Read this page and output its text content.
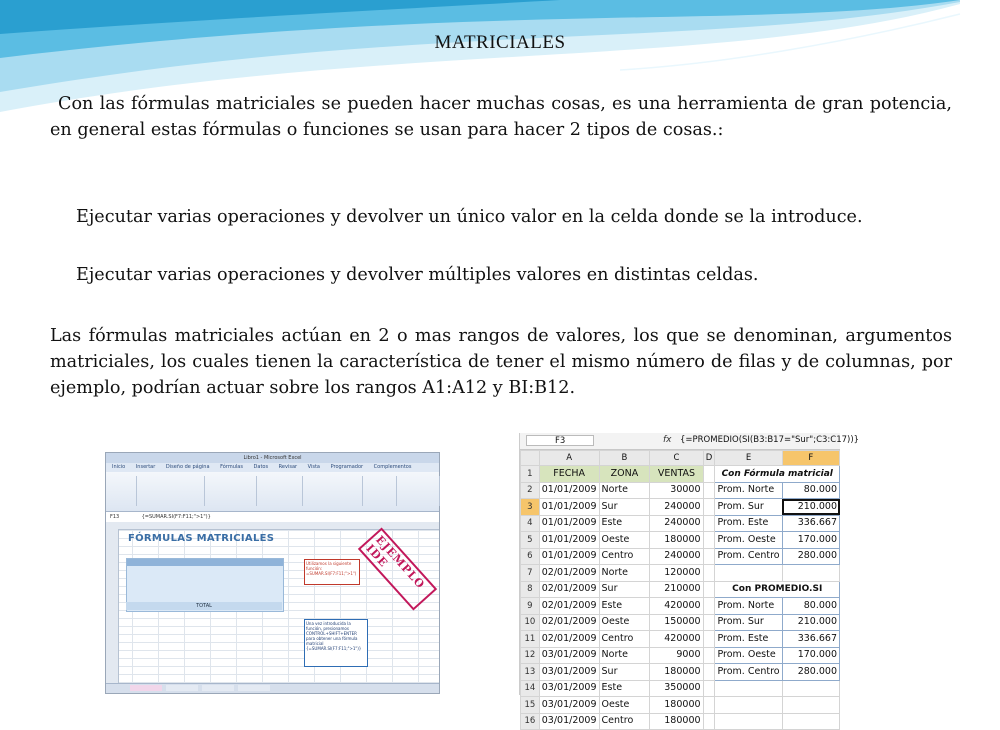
MATRICIALES
Con las fórmulas matriciales se pueden hacer muchas cosas, es una herramienta de gran potencia, en general estas fórmulas o funciones se usan para hacer 2 tipos de cosas.:
Ejecutar varias operaciones y devolver un único valor en la celda donde se la introduce.
Ejecutar varias operaciones y devolver múltiples valores en distintas celdas.
Las fórmulas matriciales actúan en 2 o mas rangos de valores, los que se denominan, argumentos matriciales, los cuales tienen la característica de tener el mismo número de filas y de columnas, por ejemplo, podrían actuar sobre los rangos A1:A12 y BI:B12.
Libro1 - Microsoft Excel
Inicio Insertar Diseño de página Fórmulas Datos Revisar Vista Programador Complementos
F13	{=SUMAR.SI(F7:F11;">1")}
FÓRMULAS MATRICIALES
TOTAL
Utilizamos la siguiente función: =SUMAR.SI(F7:F11;">1")
Una vez introducida la función, presionamos CONTROL+SHIFT+ENTER para obtener una fórmula matricial {=SUMAR.SI(F7:F11;">1")}
EJEMPLO IDE
F3	fx {=PROMEDIO(SI(B3:B17="Sur";C3:C17))}
	A	B	C	D	E	F
1	FECHA	ZONA	VENTAS		Con Fórmula matricial	
2	01/01/2009	Norte	30000		Prom. Norte	80.000
3	01/01/2009	Sur	240000		Prom. Sur	210.000
4	01/01/2009	Este	240000		Prom. Este	336.667
5	01/01/2009	Oeste	180000		Prom. Oeste	170.000
6	01/01/2009	Centro	240000		Prom. Centro	280.000
7	02/01/2009	Norte	120000			
8	02/01/2009	Sur	210000		Con PROMEDIO.SI	
9	02/01/2009	Este	420000		Prom. Norte	80.000
10	02/01/2009	Oeste	150000		Prom. Sur	210.000
11	02/01/2009	Centro	420000		Prom. Este	336.667
12	03/01/2009	Norte	9000		Prom. Oeste	170.000
13	03/01/2009	Sur	180000		Prom. Centro	280.000
14	03/01/2009	Este	350000			
15	03/01/2009	Oeste	180000			
16	03/01/2009	Centro	180000			
